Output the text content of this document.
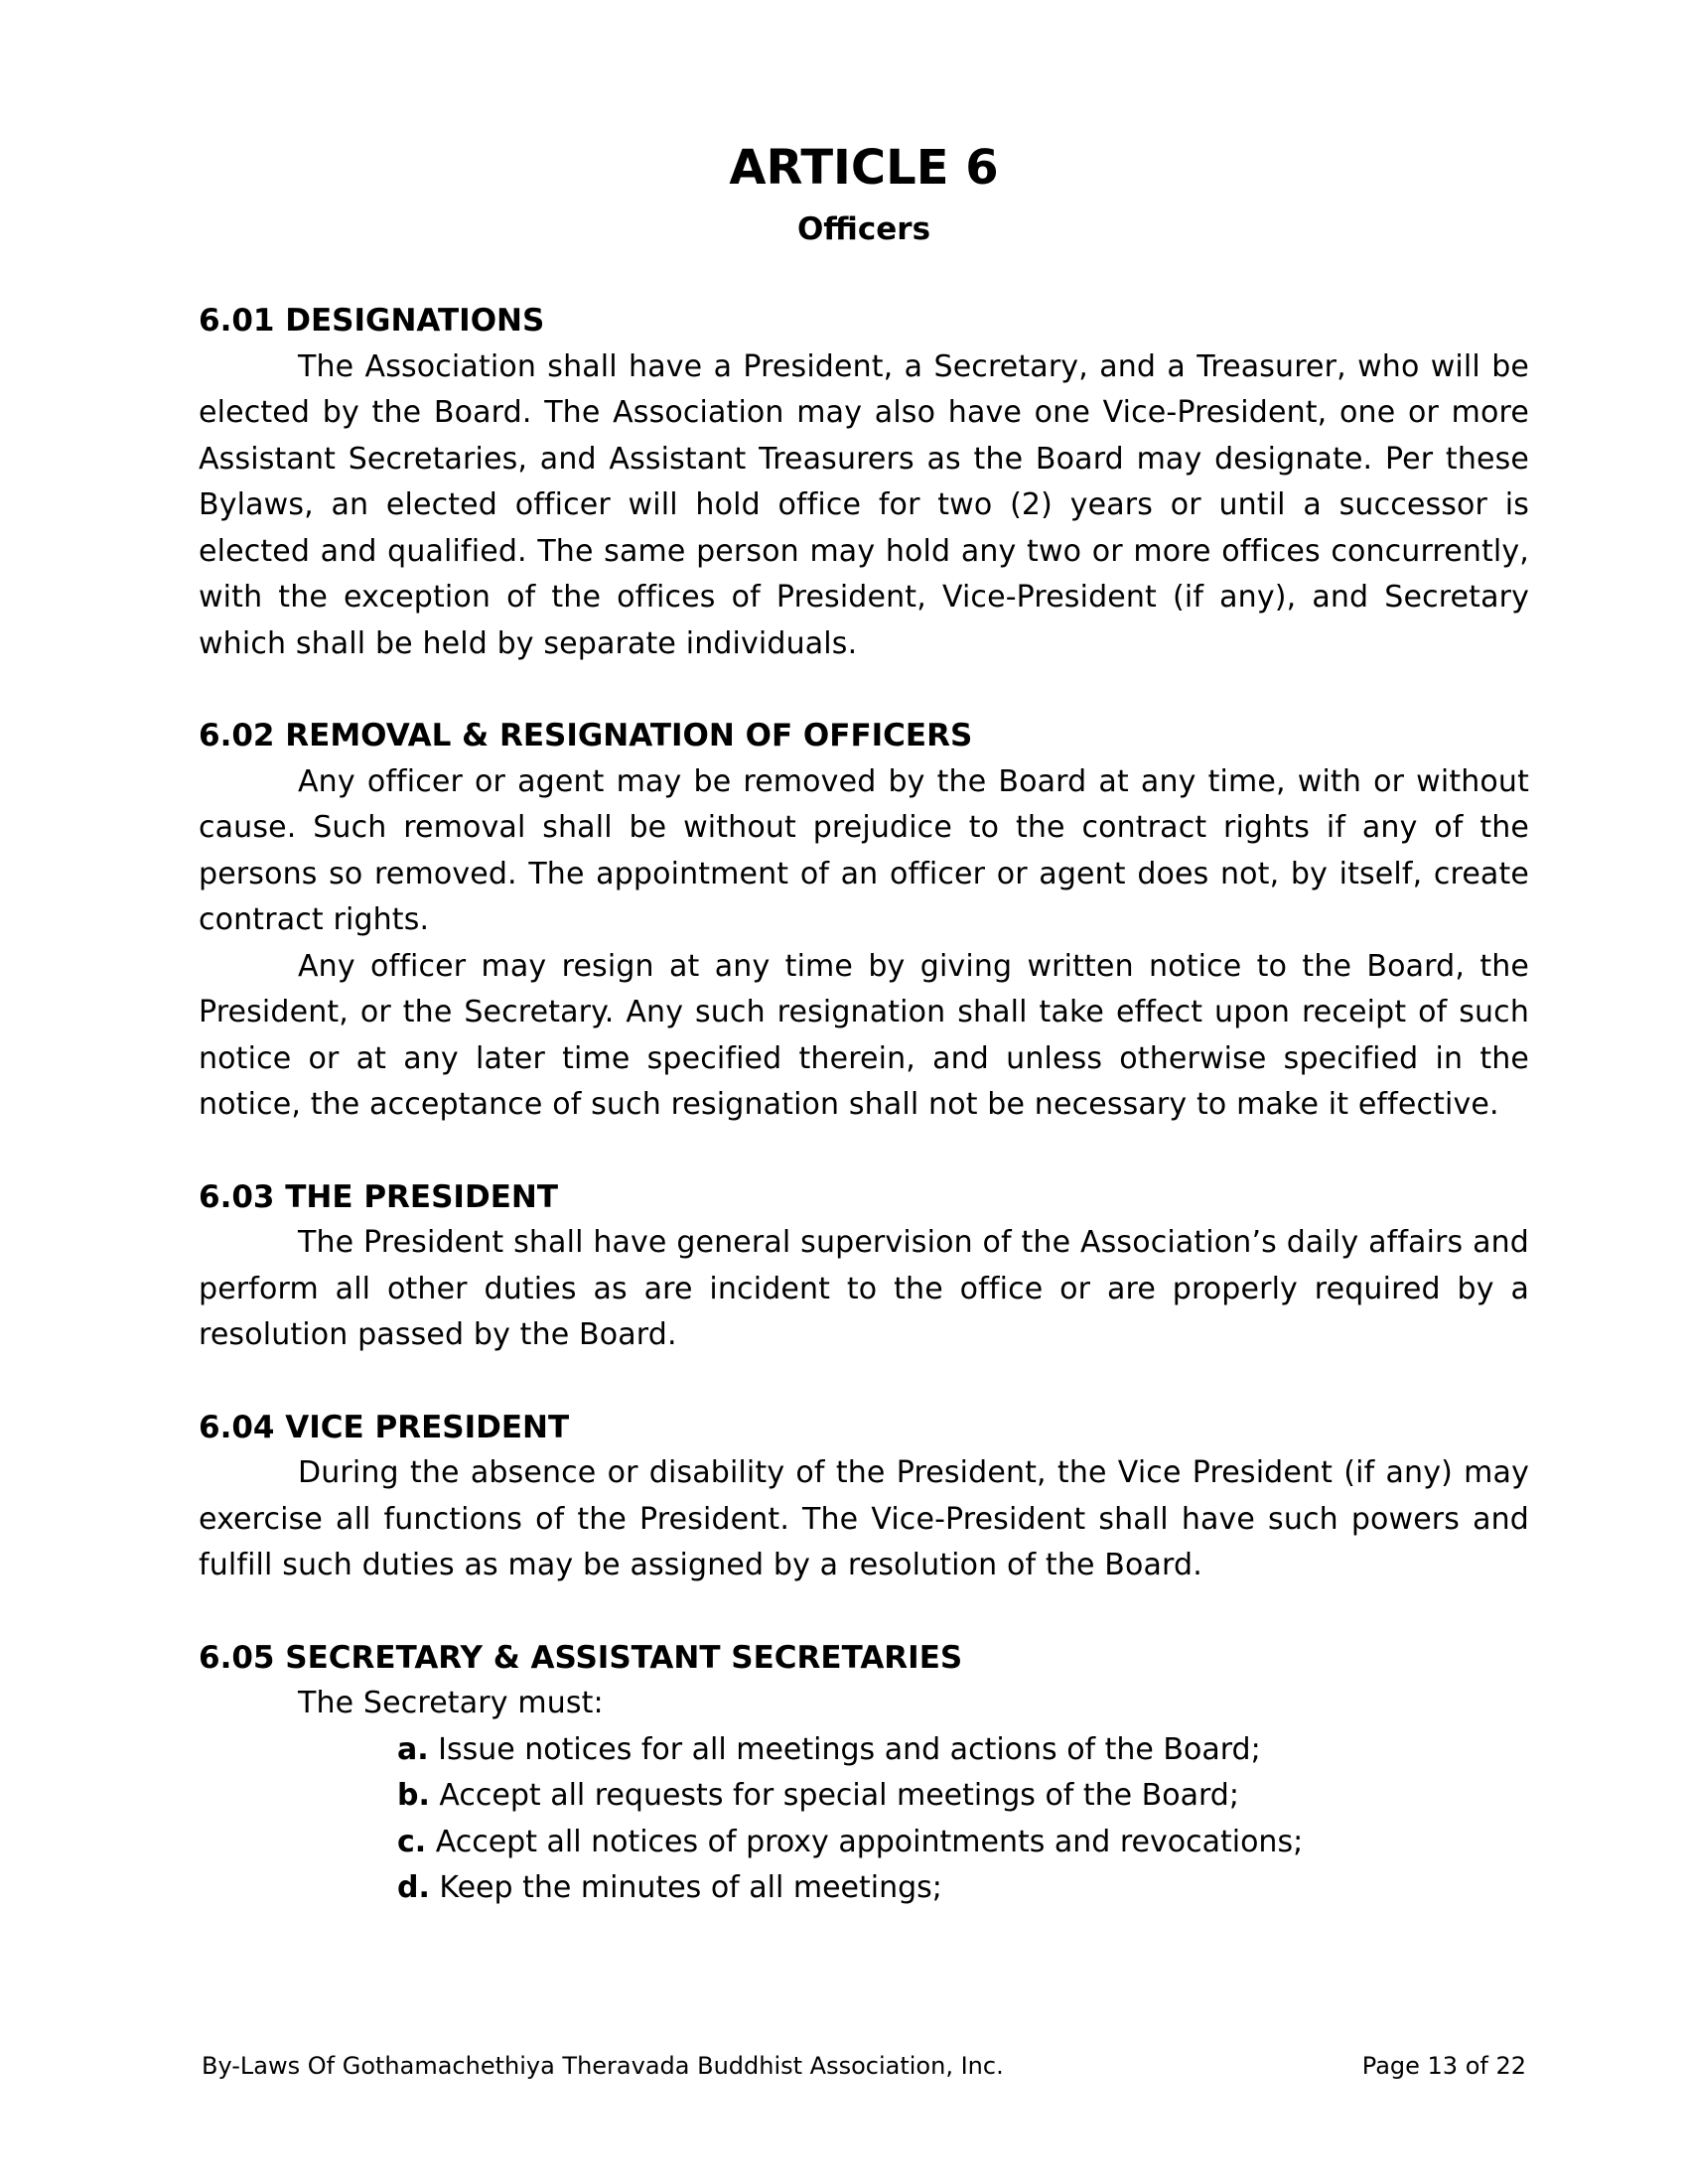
ARTICLE 6
Officers

6.01 DESIGNATIONS

The Association shall have a President, a Secretary, and a Treasurer, who will be elected by the Board. The Association may also have one Vice-President, one or more Assistant Secretaries, and Assistant Treasurers as the Board may designate. Per these Bylaws, an elected officer will hold office for two (2) years or until a successor is elected and qualified. The same person may hold any two or more offices concurrently, with the exception of the offices of President, Vice-President (if any), and Secretary which shall be held by separate individuals.

6.02 REMOVAL & RESIGNATION OF OFFICERS

Any officer or agent may be removed by the Board at any time, with or without cause. Such removal shall be without prejudice to the contract rights if any of the persons so removed. The appointment of an officer or agent does not, by itself, create contract rights.

Any officer may resign at any time by giving written notice to the Board, the President, or the Secretary. Any such resignation shall take effect upon receipt of such notice or at any later time specified therein, and unless otherwise specified in the notice, the acceptance of such resignation shall not be necessary to make it effective.

6.03 THE PRESIDENT

The President shall have general supervision of the Association’s daily affairs and perform all other duties as are incident to the office or are properly required by a resolution passed by the Board.

6.04 VICE PRESIDENT

During the absence or disability of the President, the Vice President (if any) may exercise all functions of the President. The Vice-President shall have such powers and fulfill such duties as may be assigned by a resolution of the Board.

6.05 SECRETARY & ASSISTANT SECRETARIES

The Secretary must:

a. Issue notices for all meetings and actions of the Board;
b. Accept all requests for special meetings of the Board;
c. Accept all notices of proxy appointments and revocations;
d. Keep the minutes of all meetings;
By-Laws Of Gothamachethiya Theravada Buddhist Association, Inc.	Page 13 of 22
